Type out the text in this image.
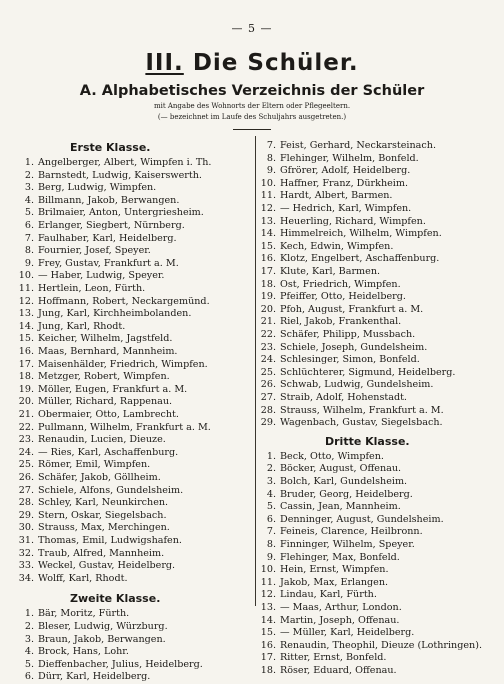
— 5 —
III. Die Schüler.
A. Alphabetisches Verzeichnis der Schüler
mit Angabe des Wohnorts der Eltern oder Pflegeeltern.
(— bezeichnet im Laufe des Schuljahrs ausgetreten.)
Erste Klasse.
1. Angelberger, Albert, Wimpfen i. Th.
2. Barnstedt, Ludwig, Kaiserswerth.
3. Berg, Ludwig, Wimpfen.
4. Billmann, Jakob, Berwangen.
5. Brilmaier, Anton, Untergriesheim.
6. Erlanger, Siegbert, Nürnberg.
7. Faulhaber, Karl, Heidelberg.
8. Fournier, Josef, Speyer.
9. Frey, Gustav, Frankfurt a. M.
10. — Haber, Ludwig, Speyer.
11. Hertlein, Leon, Fürth.
12. Hoffmann, Robert, Neckargemünd.
13. Jung, Karl, Kirchheimbolanden.
14. Jung, Karl, Rhodt.
15. Keicher, Wilhelm, Jagstfeld.
16. Maas, Bernhard, Mannheim.
17. Maisenhälder, Friedrich, Wimpfen.
18. Metzger, Robert, Wimpfen.
19. Möller, Eugen, Frankfurt a. M.
20. Müller, Richard, Rappenau.
21. Obermaier, Otto, Lambrecht.
22. Pullmann, Wilhelm, Frankfurt a. M.
23. Renaudin, Lucien, Dieuze.
24. — Ries, Karl, Aschaffenburg.
25. Römer, Emil, Wimpfen.
26. Schäfer, Jakob, Göllheim.
27. Schiele, Alfons, Gundelsheim.
28. Schley, Karl, Neunkirchen.
29. Stern, Oskar, Siegelsbach.
30. Strauss, Max, Merchingen.
31. Thomas, Emil, Ludwigshafen.
32. Traub, Alfred, Mannheim.
33. Weckel, Gustav, Heidelberg.
34. Wolff, Karl, Rhodt.
Zweite Klasse.
1. Bär, Moritz, Fürth.
2. Bleser, Ludwig, Würzburg.
3. Braun, Jakob, Berwangen.
4. Brock, Hans, Lohr.
5. Dieffenbacher, Julius, Heidelberg.
6. Dürr, Karl, Heidelberg.
7. Feist, Gerhard, Neckarsteinach.
8. Flehinger, Wilhelm, Bonfeld.
9. Gfrörer, Adolf, Heidelberg.
10. Haffner, Franz, Dürkheim.
11. Hardt, Albert, Barmen.
12. — Hedrich, Karl, Wimpfen.
13. Heuerling, Richard, Wimpfen.
14. Himmelreich, Wilhelm, Wimpfen.
15. Kech, Edwin, Wimpfen.
16. Klotz, Engelbert, Aschaffenburg.
17. Klute, Karl, Barmen.
18. Ost, Friedrich, Wimpfen.
19. Pfeiffer, Otto, Heidelberg.
20. Pfoh, August, Frankfurt a. M.
21. Riel, Jakob, Frankenthal.
22. Schäfer, Philipp, Mussbach.
23. Schiele, Joseph, Gundelsheim.
24. Schlesinger, Simon, Bonfeld.
25. Schlüchterer, Sigmund, Heidelberg.
26. Schwab, Ludwig, Gundelsheim.
27. Straib, Adolf, Hohenstadt.
28. Strauss, Wilhelm, Frankfurt a. M.
29. Wagenbach, Gustav, Siegelsbach.
Dritte Klasse.
1. Beck, Otto, Wimpfen.
2. Böcker, August, Offenau.
3. Bolch, Karl, Gundelsheim.
4. Bruder, Georg, Heidelberg.
5. Cassin, Jean, Mannheim.
6. Denninger, August, Gundelsheim.
7. Feineis, Clarence, Heilbronn.
8. Finninger, Wilhelm, Speyer.
9. Flehinger, Max, Bonfeld.
10. Hein, Ernst, Wimpfen.
11. Jakob, Max, Erlangen.
12. Lindau, Karl, Fürth.
13. — Maas, Arthur, London.
14. Martin, Joseph, Offenau.
15. — Müller, Karl, Heidelberg.
16. Renaudin, Theophil, Dieuze (Lothringen).
17. Ritter, Ernst, Bonfeld.
18. Röser, Eduard, Offenau.
